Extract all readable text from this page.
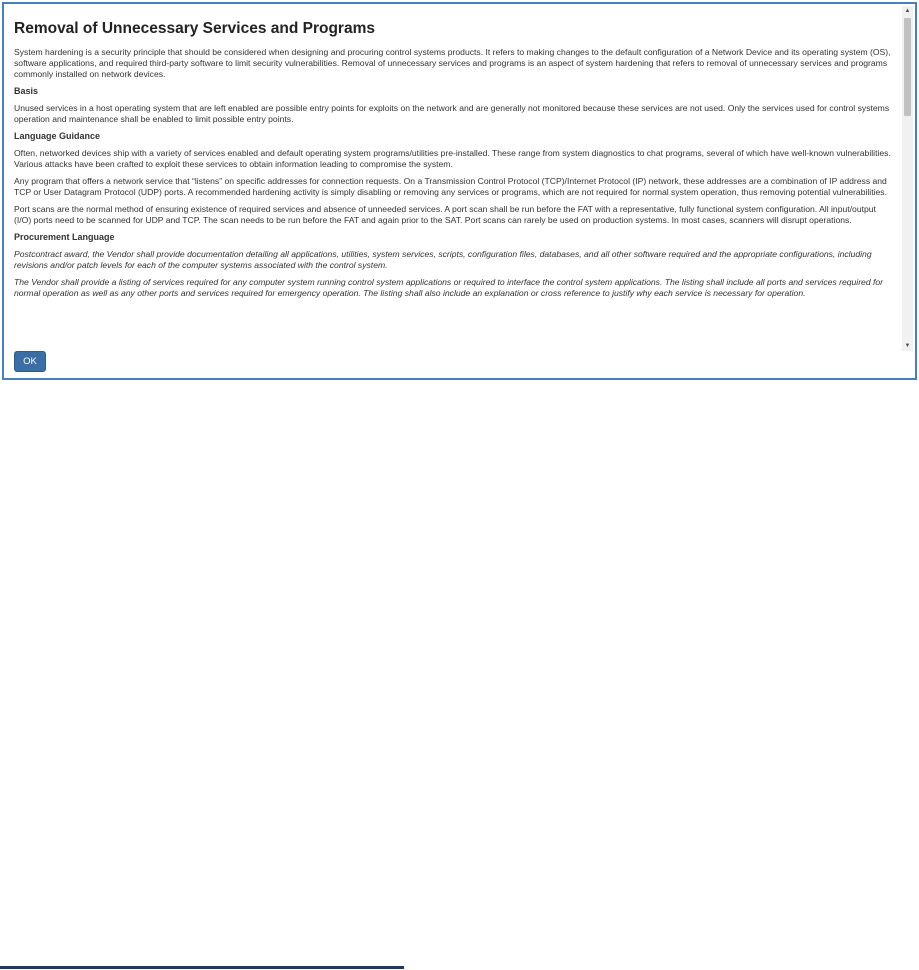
Removal of Unnecessary Services and Programs

System hardening is a security principle that should be considered when designing and procuring control systems products. It refers to making changes to the default configuration of a Network Device and its operating system (OS), software applications, and required third-party software to limit security vulnerabilities. Removal of unnecessary services and programs is an aspect of system hardening that refers to removal of unnecessary services and programs commonly installed on network devices.

Basis

Unused services in a host operating system that are left enabled are possible entry points for exploits on the network and are generally not monitored because these services are not used. Only the services used for control systems operation and maintenance shall be enabled to limit possible entry points.

Language Guidance

Often, networked devices ship with a variety of services enabled and default operating system programs/utilities pre-installed. These range from system diagnostics to chat programs, several of which have well-known vulnerabilities. Various attacks have been crafted to exploit these services to obtain information leading to compromise the system.

Any program that offers a network service that “listens” on specific addresses for connection requests. On a Transmission Control Protocol (TCP)/Internet Protocol (IP) network, these addresses are a combination of IP address and TCP or User Datagram Protocol (UDP) ports. A recommended hardening activity is simply disabling or removing any services or programs, which are not required for normal system operation, thus removing potential vulnerabilities.

Port scans are the normal method of ensuring existence of required services and absence of unneeded services. A port scan shall be run before the FAT with a representative, fully functional system configuration. All input/output (I/O) ports need to be scanned for UDP and TCP. The scan needs to be run before the FAT and again prior to the SAT. Port scans can rarely be used on production systems. In most cases, scanners will disrupt operations.

Procurement Language

Postcontract award, the Vendor shall provide documentation detailing all applications, utilities, system services, scripts, configuration files, databases, and all other software required and the appropriate configurations, including revisions and/or patch levels for each of the computer systems associated with the control system.

The Vendor shall provide a listing of services required for any computer system running control system applications or required to interface the control system applications. The listing shall include all ports and services required for normal operation as well as any other ports and services required for emergency operation. The listing shall also include an explanation or cross reference to justify why each service is necessary for operation.

▲
▼
OK
